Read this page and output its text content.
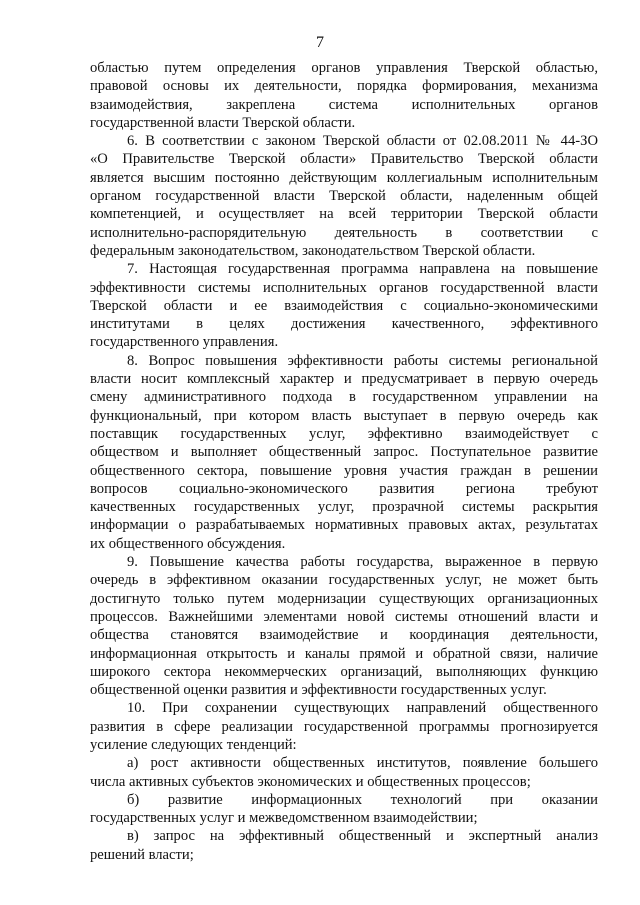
7
областью путем определения органов управления Тверской областью,
правовой основы их деятельности, порядка формирования, механизма
взаимодействия, закреплена система исполнительных органов
государственной власти Тверской области.
6. В соответствии с законом Тверской области от 02.08.2011 № 44-ЗО
«О Правительстве Тверской области» Правительство Тверской области
является высшим постоянно действующим коллегиальным исполнительным
органом государственной власти Тверской области, наделенным общей
компетенцией, и осуществляет на всей территории Тверской области
исполнительно-распорядительную деятельность в соответствии с
федеральным законодательством, законодательством Тверской области.
7. Настоящая государственная программа направлена на повышение
эффективности системы исполнительных органов государственной власти
Тверской области и ее взаимодействия с социально-экономическими
институтами в целях достижения качественного, эффективного
государственного управления.
8. Вопрос повышения эффективности работы системы региональной
власти носит комплексный характер и предусматривает в первую очередь
смену административного подхода в государственном управлении на
функциональный, при котором власть выступает в первую очередь как
поставщик государственных услуг, эффективно взаимодействует с
обществом и выполняет общественный запрос. Поступательное развитие
общественного сектора, повышение уровня участия граждан в решении
вопросов социально-экономического развития региона требуют
качественных государственных услуг, прозрачной системы раскрытия
информации о разрабатываемых нормативных правовых актах, результатах
их общественного обсуждения.
9. Повышение качества работы государства, выраженное в первую
очередь в эффективном оказании государственных услуг, не может быть
достигнуто только путем модернизации существующих организационных
процессов. Важнейшими элементами новой системы отношений власти и
общества становятся взаимодействие и координация деятельности,
информационная открытость и каналы прямой и обратной связи, наличие
широкого сектора некоммерческих организаций, выполняющих функцию
общественной оценки развития и эффективности государственных услуг.
10. При сохранении существующих направлений общественного
развития в сфере реализации государственной программы прогнозируется
усиление следующих тенденций:
а) рост активности общественных институтов, появление большего
числа активных субъектов экономических и общественных процессов;
б) развитие информационных технологий при оказании
государственных услуг и межведомственном взаимодействии;
в) запрос на эффективный общественный и экспертный анализ
решений власти;
